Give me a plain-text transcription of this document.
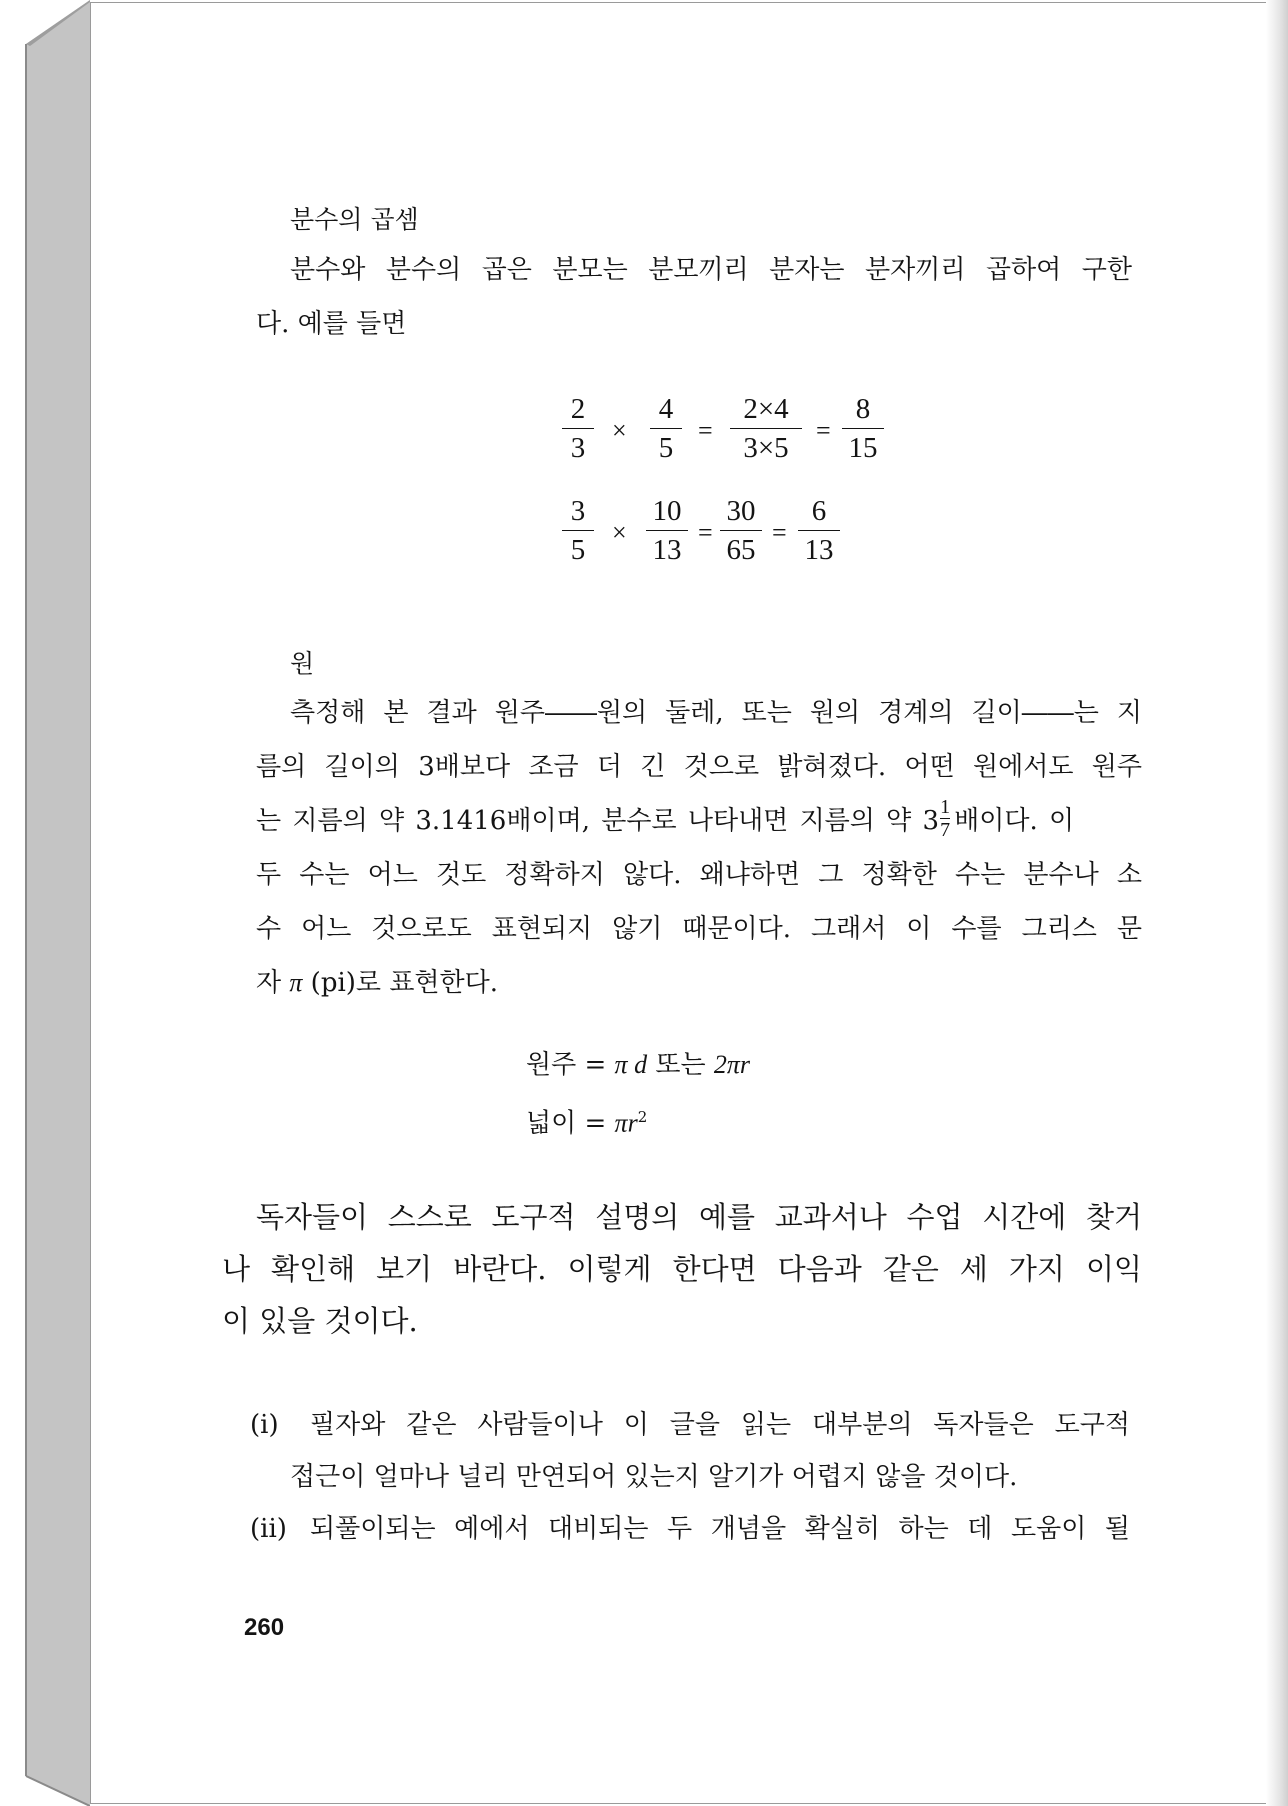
분수의 곱셈

분수와 분수의 곱은 분모는 분모끼리 분자는 분자끼리 곱하여 구한

다. 예를 들면

2
3
×
4
5
=
2×4
3×5
=
8
15
3
5
×
10
13
=
30
65
=
6
13

원

측정해 본 결과 원주――원의 둘레, 또는 원의 경계의 길이――는 지

름의 길이의 3배보다 조금 더 긴 것으로 밝혀졌다. 어떤 원에서도 원주

는 지름의 약 3.1416배이며, 분수로 나타내면 지름의 약 $3\frac{1}{7}$ 배이다. 이

두 수는 어느 것도 정확하지 않다. 왜냐하면 그 정확한 수는 분수나 소

수 어느 것으로도 표현되지 않기 때문이다. 그래서 이 수를 그리스 문

자 π (pi)로 표현한다.

원주 = π d 또는 2πr

넓이 = $\pi r^2$

독자들이 스스로 도구적 설명의 예를 교과서나 수업 시간에 찾거

나 확인해 보기 바란다. 이렇게 한다면 다음과 같은 세 가지 이익

이 있을 것이다.

(i) 필자와 같은 사람들이나 이 글을 읽는 대부분의 독자들은 도구적

접근이 얼마나 널리 만연되어 있는지 알기가 어렵지 않을 것이다.

(ii) 되풀이되는 예에서 대비되는 두 개념을 확실히 하는 데 도움이 될

260
